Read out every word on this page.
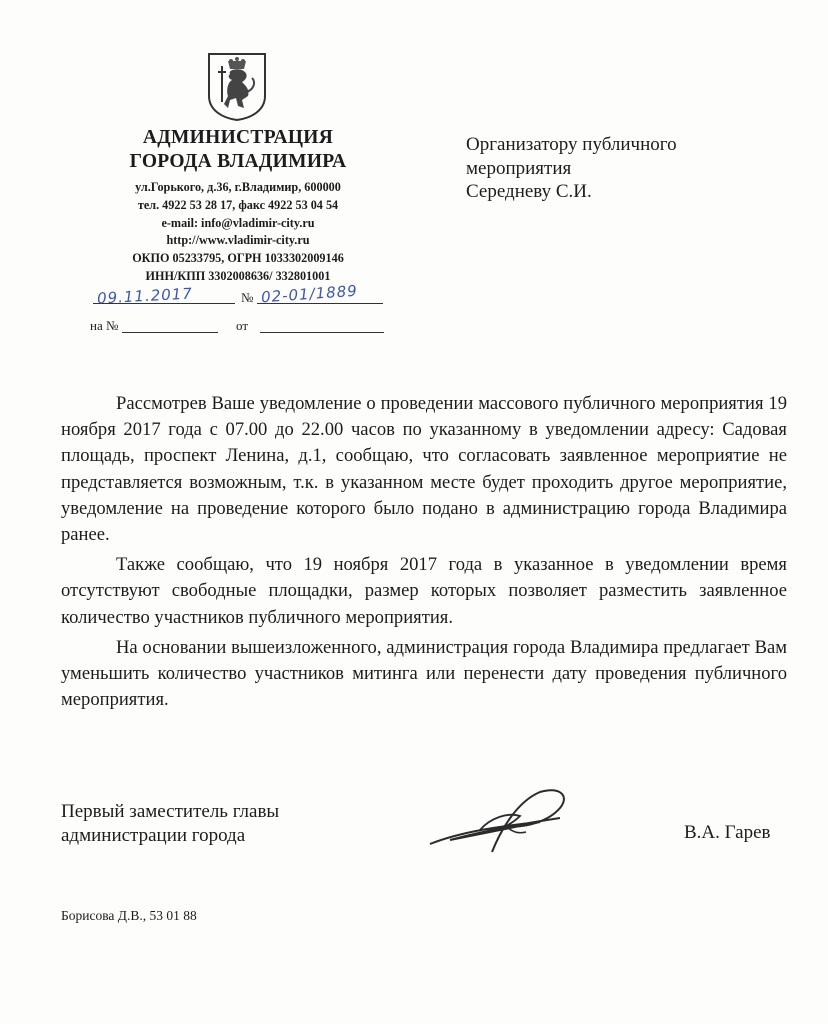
АДМИНИСТРАЦИЯ
ГОРОДА ВЛАДИМИРА
ул.Горького, д.36, г.Владимир, 600000
тел. 4922 53 28 17, факс 4922 53 04 54
e-mail: info@vladimir-city.ru
http://www.vladimir-city.ru
ОКПО 05233795, ОГРН 1033302009146
ИНН/КПП 3302008636/ 332801001
09.11.2017	№ 02-01/1889
на №	от
Организатору публичного
мероприятия
Середневу С.И.

Рассмотрев Ваше уведомление о проведении массового публичного мероприятия 19 ноября 2017 года с 07.00 до 22.00 часов по указанному в уведомлении адресу: Садовая площадь, проспект Ленина, д.1, сообщаю, что согласовать заявленное мероприятие не представляется возможным, т.к. в указанном месте будет проходить другое мероприятие, уведомление на проведение которого было подано в администрацию города Владимира ранее.

Также сообщаю, что 19 ноября 2017 года в указанное в уведомлении время отсутствуют свободные площадки, размер которых позволяет разместить заявленное количество участников публичного мероприятия.

На основании вышеизложенного, администрация города Владимира предлагает Вам уменьшить количество участников митинга или перенести дату проведения публичного мероприятия.

Первый заместитель главы
администрации города	В.А. Гарев
Борисова Д.В., 53 01 88
